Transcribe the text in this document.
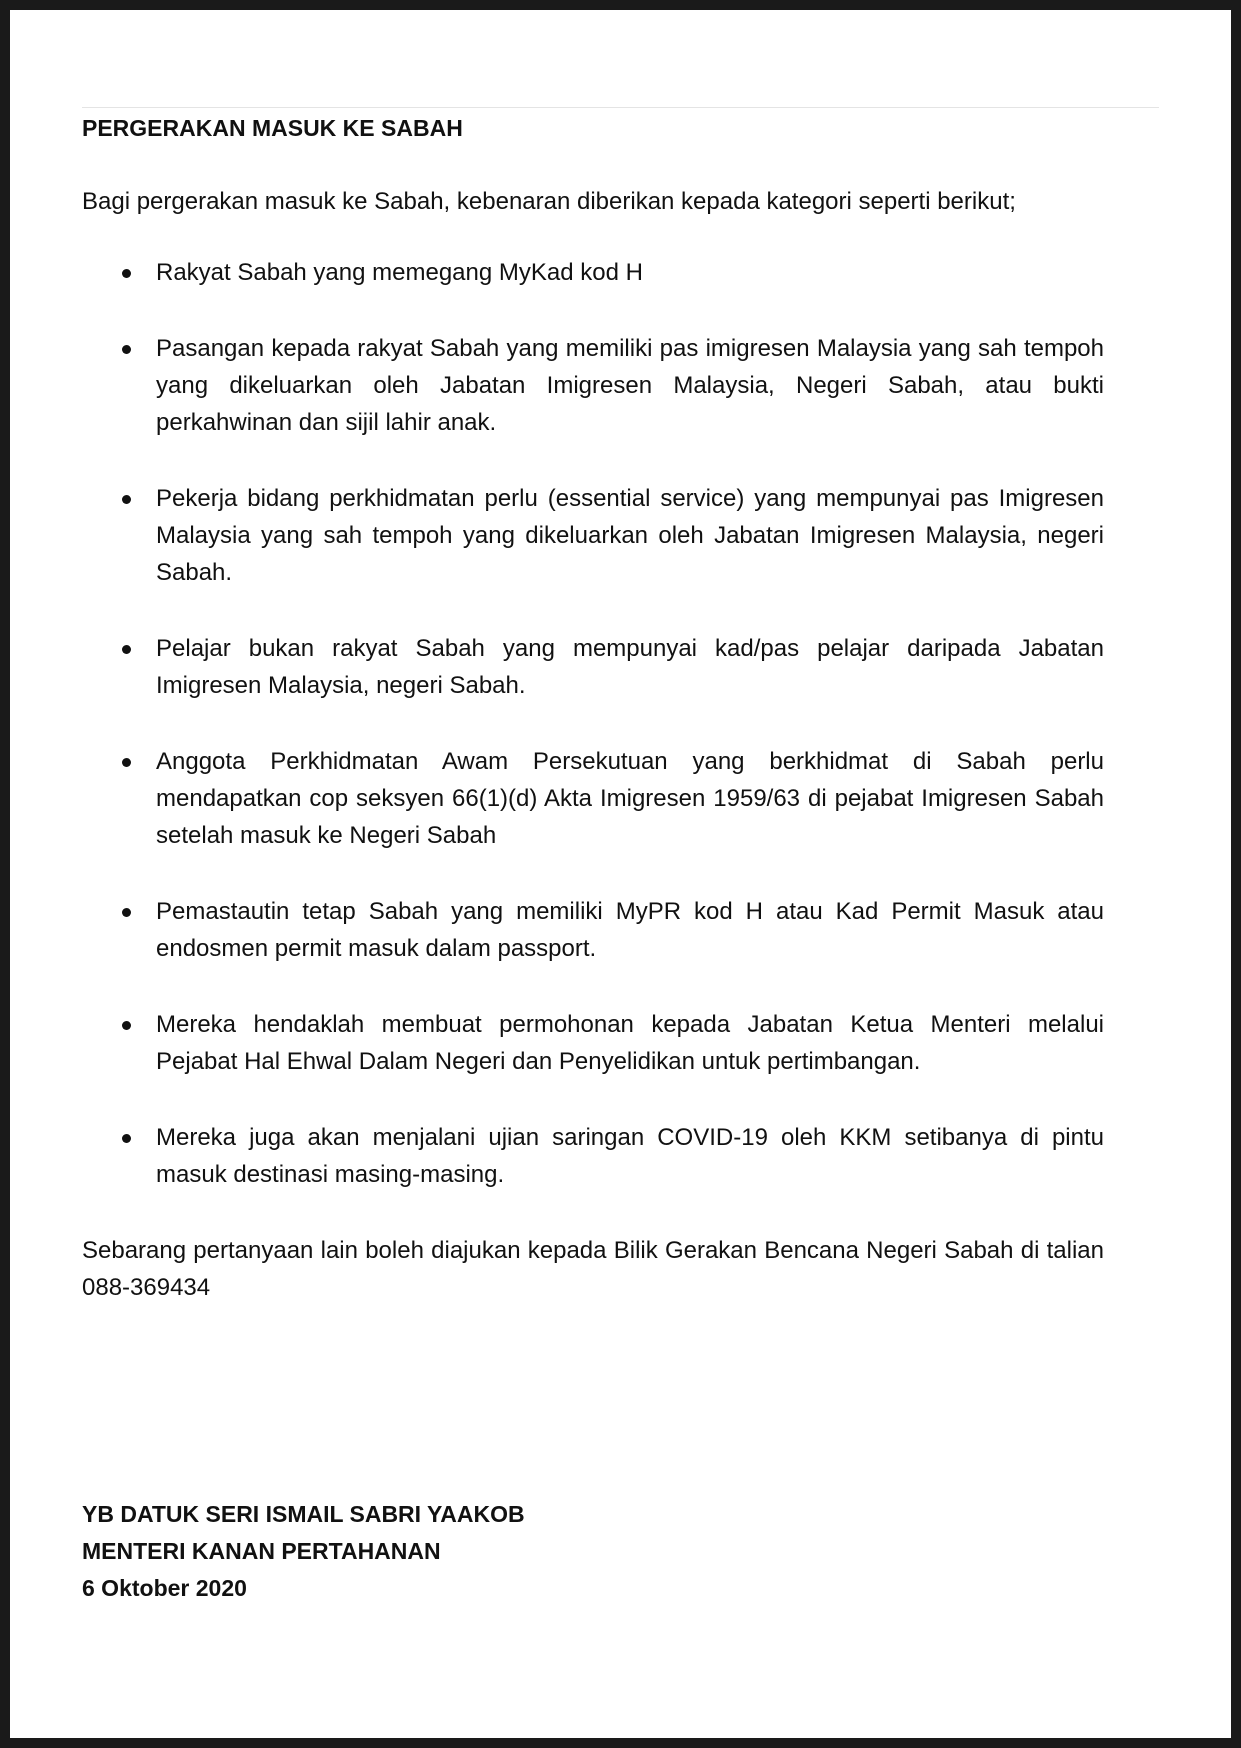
PERGERAKAN MASUK KE SABAH

Bagi pergerakan masuk ke Sabah, kebenaran diberikan kepada kategori seperti berikut;

Rakyat Sabah yang memegang MyKad kod H
Pasangan kepada rakyat Sabah yang memiliki pas imigresen Malaysia yang sah tempoh yang dikeluarkan oleh Jabatan Imigresen Malaysia, Negeri Sabah, atau bukti perkahwinan dan sijil lahir anak.
Pekerja bidang perkhidmatan perlu (essential service) yang mempunyai pas Imigresen Malaysia yang sah tempoh yang dikeluarkan oleh Jabatan Imigresen Malaysia, negeri Sabah.
Pelajar bukan rakyat Sabah yang mempunyai kad/pas pelajar daripada Jabatan Imigresen Malaysia, negeri Sabah.
Anggota Perkhidmatan Awam Persekutuan yang berkhidmat di Sabah perlu mendapatkan cop seksyen 66(1)(d) Akta Imigresen 1959/63 di pejabat Imigresen Sabah setelah masuk ke Negeri Sabah
Pemastautin tetap Sabah yang memiliki MyPR kod H atau Kad Permit Masuk atau endosmen permit masuk dalam passport.
Mereka hendaklah membuat permohonan kepada Jabatan Ketua Menteri melalui Pejabat Hal Ehwal Dalam Negeri dan Penyelidikan untuk pertimbangan.
Mereka juga akan menjalani ujian saringan COVID-19 oleh KKM setibanya di pintu masuk destinasi masing-masing.

Sebarang pertanyaan lain boleh diajukan kepada Bilik Gerakan Bencana Negeri Sabah di talian 088-369434

YB DATUK SERI ISMAIL SABRI YAAKOB
MENTERI KANAN PERTAHANAN
6 Oktober 2020
